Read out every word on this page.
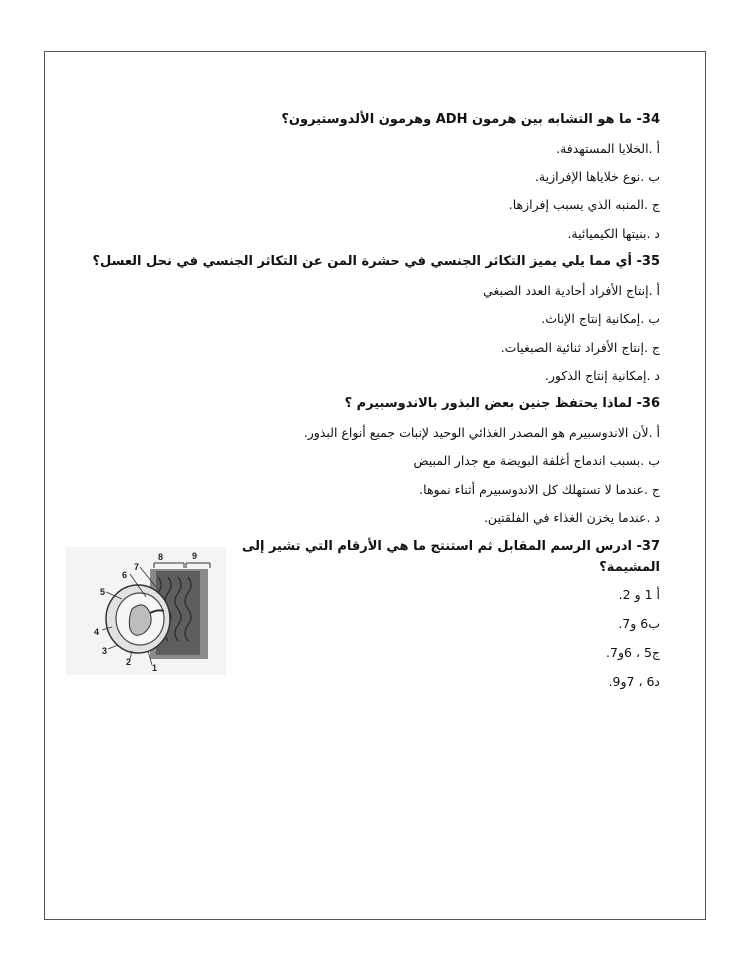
34- ما هو التشابه بين هرمون ADH وهرمون الألدوستيرون؟
أ .الخلايا المستهدفة.
ب .نوع خلاياها الإفرازية.
ج .المنبه الذي يسبب إفرازها.
د .بنيتها الكيميائية.
35- أي مما يلي يميز التكاثر الجنسي في حشرة المن عن التكاثر الجنسي في نحل العسل؟
أ .إنتاج الأفراد أحادية العدد الصبغي
ب .إمكانية إنتاج الإناث.
ج .إنتاج الأفراد ثنائية الصبغيات.
د .إمكانية إنتاج الذكور.
36- لماذا يحتفظ جنين بعض البذور بالاندوسبيرم ؟
أ .لأن الاندوسبيرم هو المصدر الغذائي الوحيد لإنبات جميع أنواع البذور.
ب .بسبب اندماج أغلفة البويضة مع جدار المبيض
ج .عندما لا تستهلك كل الاندوسبيرم أثناء نموها.
د .عندما يخزن الغذاء في الفلقتين.
37- ادرس الرسم المقابل ثم استنتج ما هي الأرقام التي تشير إلى
المشيمة؟
أ 1 و 2.
ب6 و7.
ج5 ، 6و7.
د6 ، 7و9.
1
2
3
4
5
6
7
8	9
